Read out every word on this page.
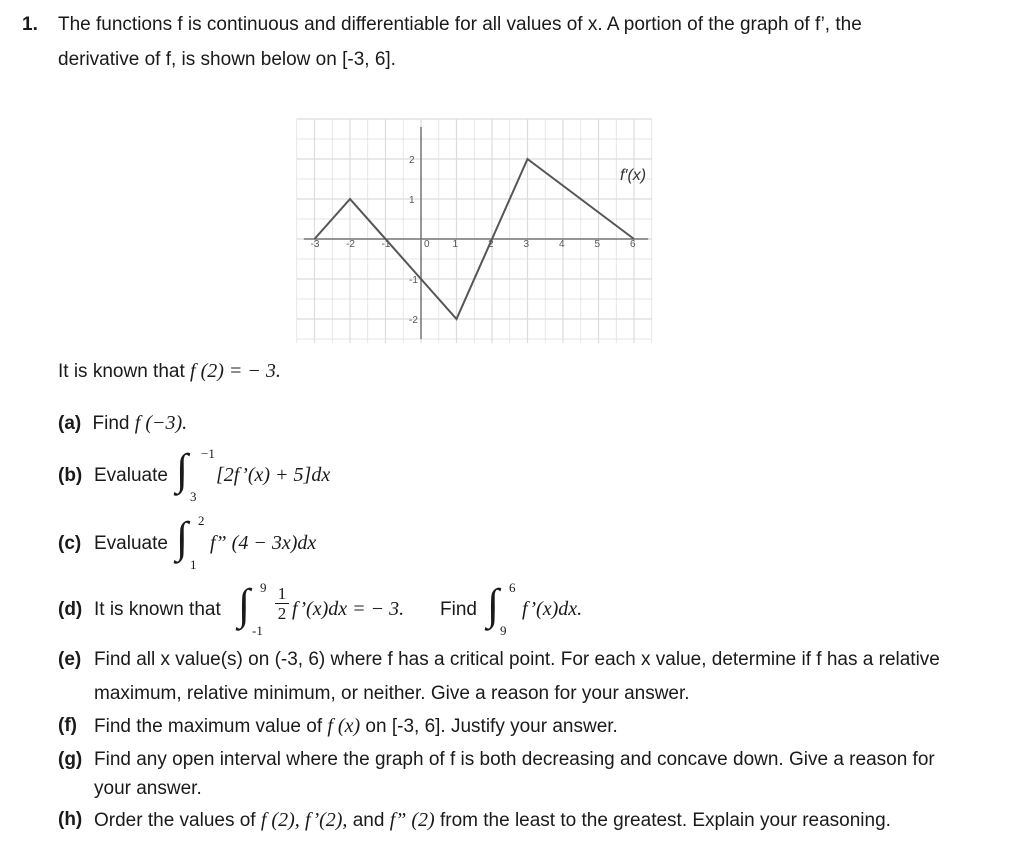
1. The functions f is continuous and differentiable for all values of x. A portion of the graph of f’, the
derivative of f, is shown below on [-3, 6].
-3	-2	-1	0 1	2	3	4	5	6
2
1
-1
-2
f′(x)
It is known that f (2) = − 3.
(a) Find f (−3).
(b) Evaluate ∫ −1
3
[2f’(x) + 5]dx
(c) Evaluate ∫ 2
1
f” (4 − 3x)dx
(d) It is known that ∫ 9
-1
1
2 f’(x)dx = − 3. Find ∫ 6
9
f’(x)dx.
(e) Find all x value(s) on (-3, 6) where f has a critical point. For each x value, determine if f has a relative
maximum, relative minimum, or neither. Give a reason for your answer.
(f) Find the maximum value of f (x) on [-3, 6]. Justify your answer.
(g) Find any open interval where the graph of f is both decreasing and concave down. Give a reason for
your answer.
(h) Order the values of f (2), f’(2), and f” (2) from the least to the greatest. Explain your reasoning.
